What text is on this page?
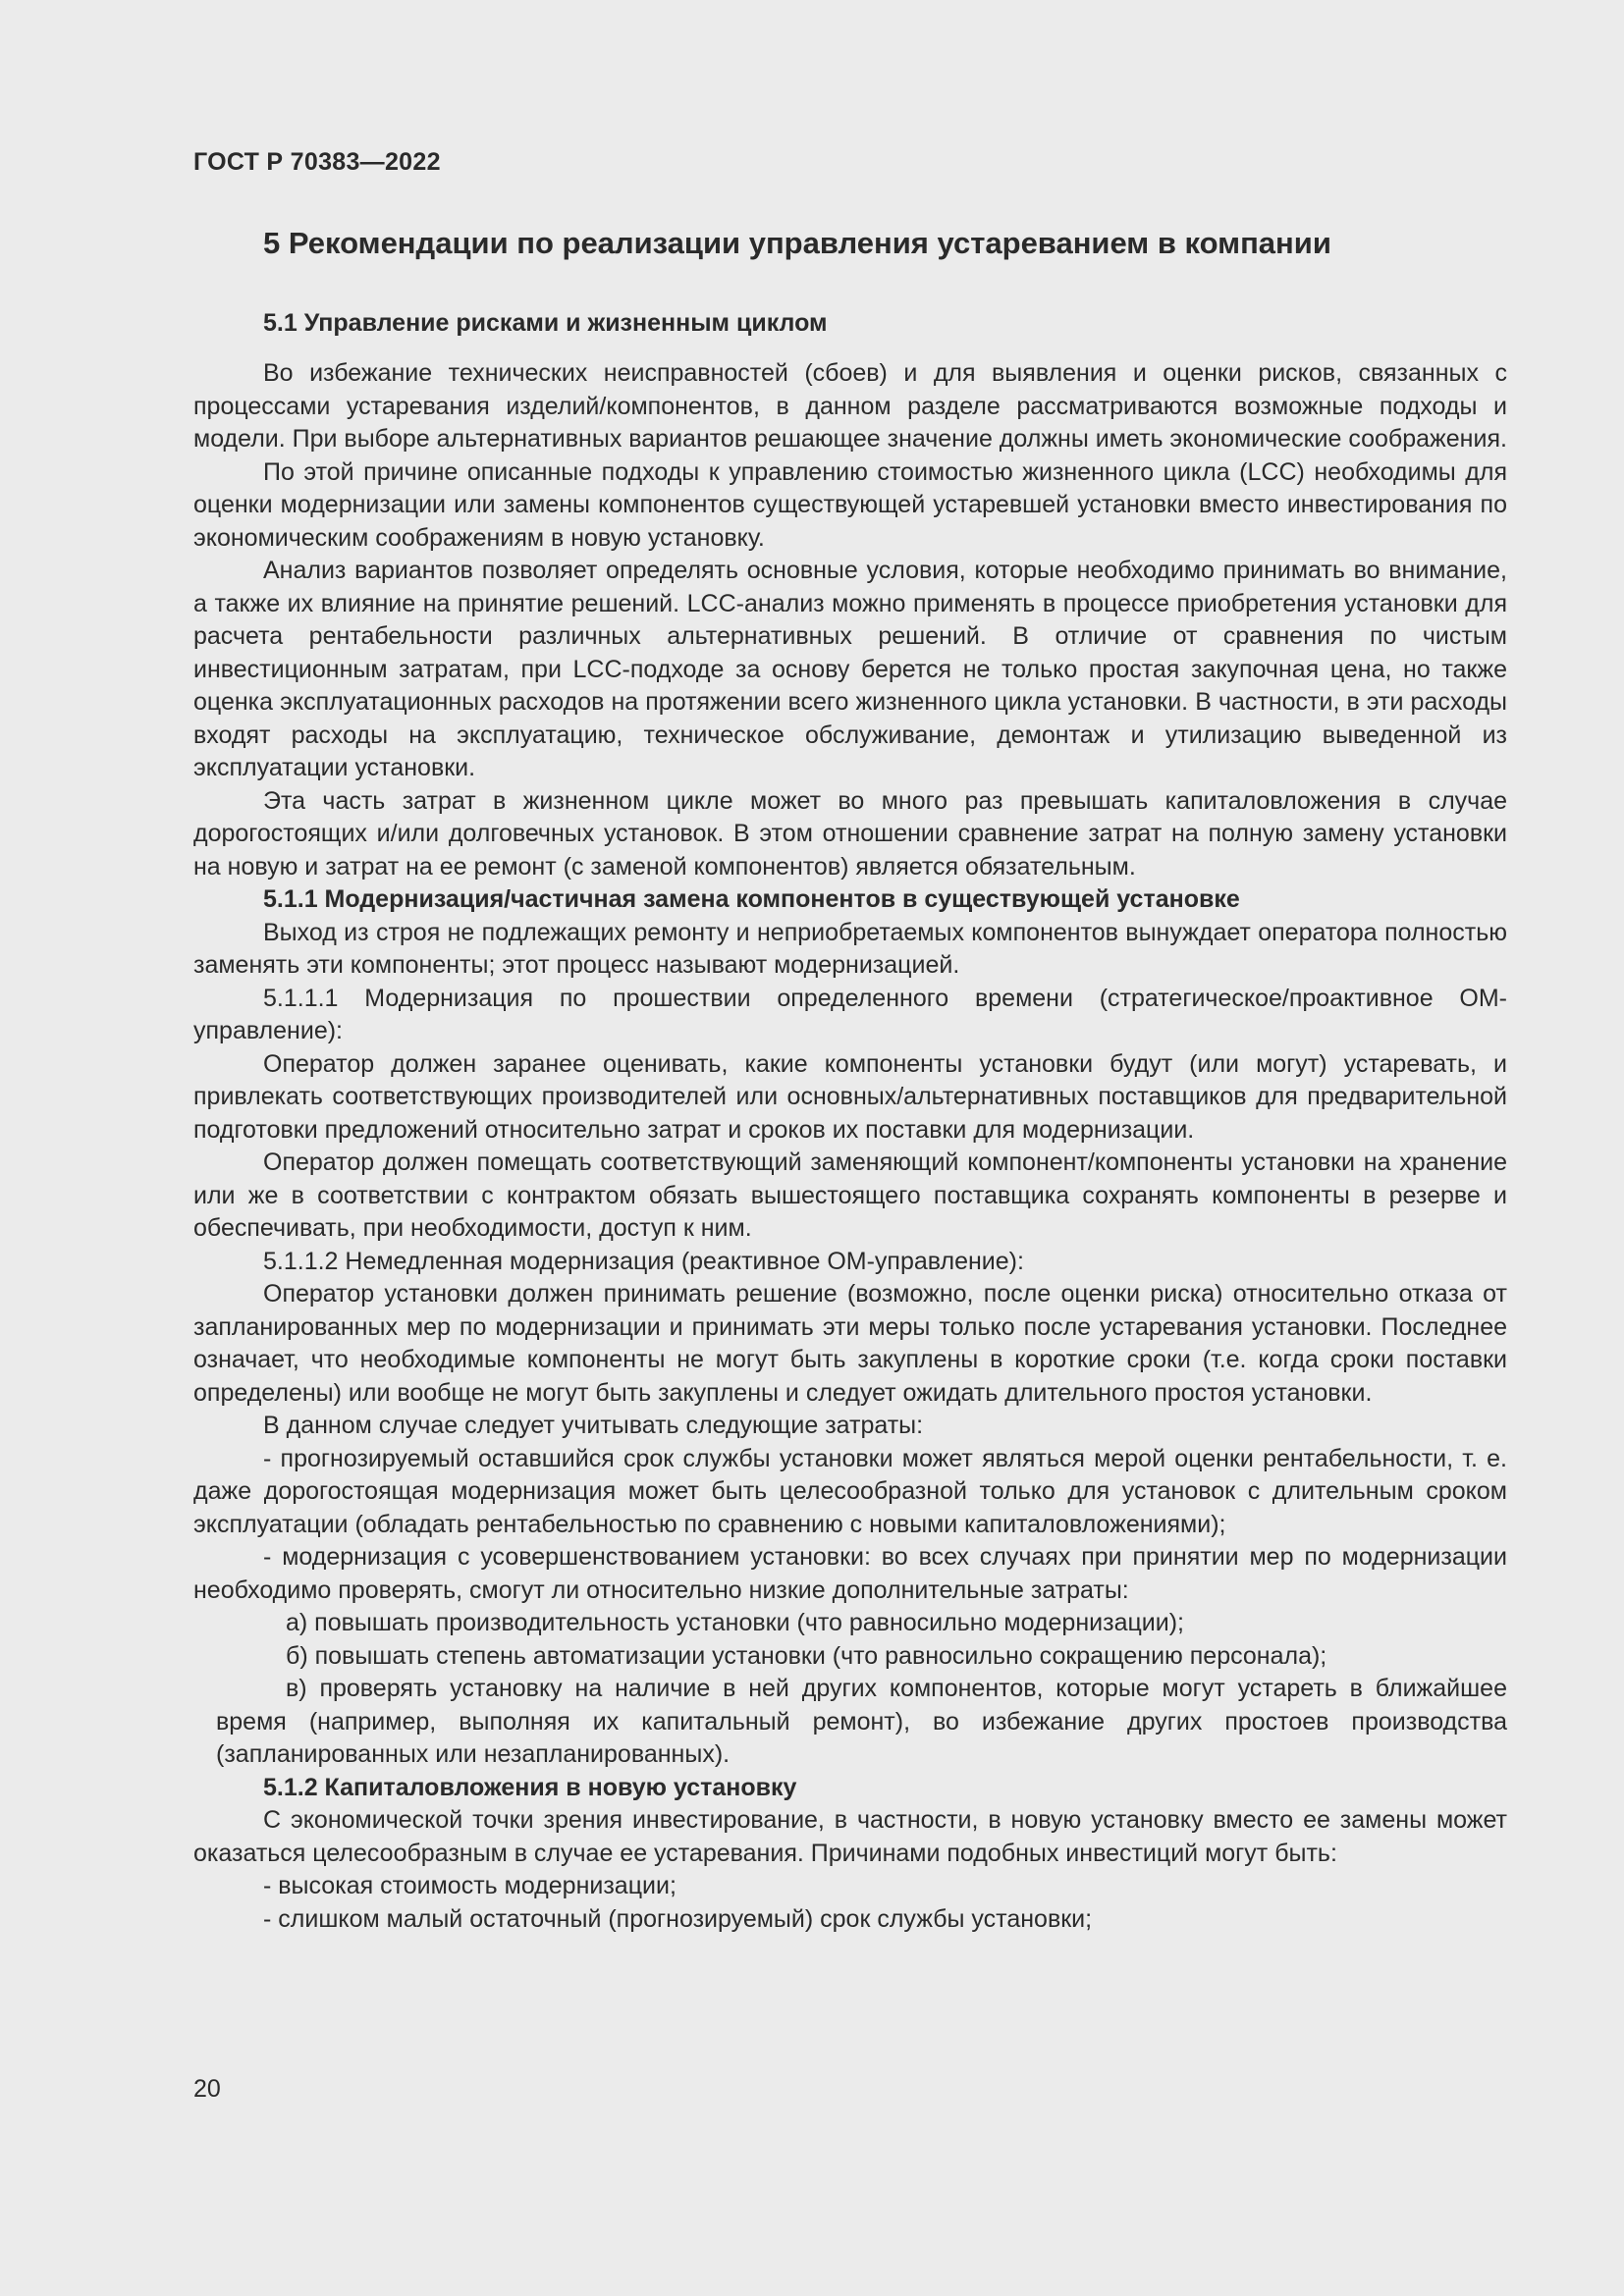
ГОСТ Р 70383—2022
5 Рекомендации по реализации управления устареванием в компании
5.1 Управление рисками и жизненным циклом

Во избежание технических неисправностей (сбоев) и для выявления и оценки рисков, связанных с процессами устаревания изделий/компонентов, в данном разделе рассматриваются возможные подходы и модели. При выборе альтернативных вариантов решающее значение должны иметь экономические соображения.

По этой причине описанные подходы к управлению стоимостью жизненного цикла (LCC) необходимы для оценки модернизации или замены компонентов существующей устаревшей установки вместо инвестирования по экономическим соображениям в новую установку.

Анализ вариантов позволяет определять основные условия, которые необходимо принимать во внимание, а также их влияние на принятие решений. LCC-анализ можно применять в процессе приобретения установки для расчета рентабельности различных альтернативных решений. В отличие от сравнения по чистым инвестиционным затратам, при LCC-подходе за основу берется не только простая закупочная цена, но также оценка эксплуатационных расходов на протяжении всего жизненного цикла установки. В частности, в эти расходы входят расходы на эксплуатацию, техническое обслуживание, демонтаж и утилизацию выведенной из эксплуатации установки.

Эта часть затрат в жизненном цикле может во много раз превышать капиталовложения в случае дорогостоящих и/или долговечных установок. В этом отношении сравнение затрат на полную замену установки на новую и затрат на ее ремонт (с заменой компонентов) является обязательным.

5.1.1 Модернизация/частичная замена компонентов в существующей установке

Выход из строя не подлежащих ремонту и неприобретаемых компонентов вынуждает оператора полностью заменять эти компоненты; этот процесс называют модернизацией.

5.1.1.1 Модернизация по прошествии определенного времени (стратегическое/проактивное ОМ-управление):

Оператор должен заранее оценивать, какие компоненты установки будут (или могут) устаревать, и привлекать соответствующих производителей или основных/альтернативных поставщиков для предварительной подготовки предложений относительно затрат и сроков их поставки для модернизации.

Оператор должен помещать соответствующий заменяющий компонент/компоненты установки на хранение или же в соответствии с контрактом обязать вышестоящего поставщика сохранять компоненты в резерве и обеспечивать, при необходимости, доступ к ним.

5.1.1.2 Немедленная модернизация (реактивное ОМ-управление):

Оператор установки должен принимать решение (возможно, после оценки риска) относительно отказа от запланированных мер по модернизации и принимать эти меры только после устаревания установки. Последнее означает, что необходимые компоненты не могут быть закуплены в короткие сроки (т.е. когда сроки поставки определены) или вообще не могут быть закуплены и следует ожидать длительного простоя установки.

В данном случае следует учитывать следующие затраты:

- прогнозируемый оставшийся срок службы установки может являться мерой оценки рентабельности, т. е. даже дорогостоящая модернизация может быть целесообразной только для установок с длительным сроком эксплуатации (обладать рентабельностью по сравнению с новыми капиталовложениями);

- модернизация с усовершенствованием установки: во всех случаях при принятии мер по модернизации необходимо проверять, смогут ли относительно низкие дополнительные затраты:

а) повышать производительность установки (что равносильно модернизации);

б) повышать степень автоматизации установки (что равносильно сокращению персонала);

в) проверять установку на наличие в ней других компонентов, которые могут устареть в ближайшее время (например, выполняя их капитальный ремонт), во избежание других простоев производства (запланированных или незапланированных).

5.1.2 Капиталовложения в новую установку

С экономической точки зрения инвестирование, в частности, в новую установку вместо ее замены может оказаться целесообразным в случае ее устаревания. Причинами подобных инвестиций могут быть:

- высокая стоимость модернизации;

- слишком малый остаточный (прогнозируемый) срок службы установки;

20
